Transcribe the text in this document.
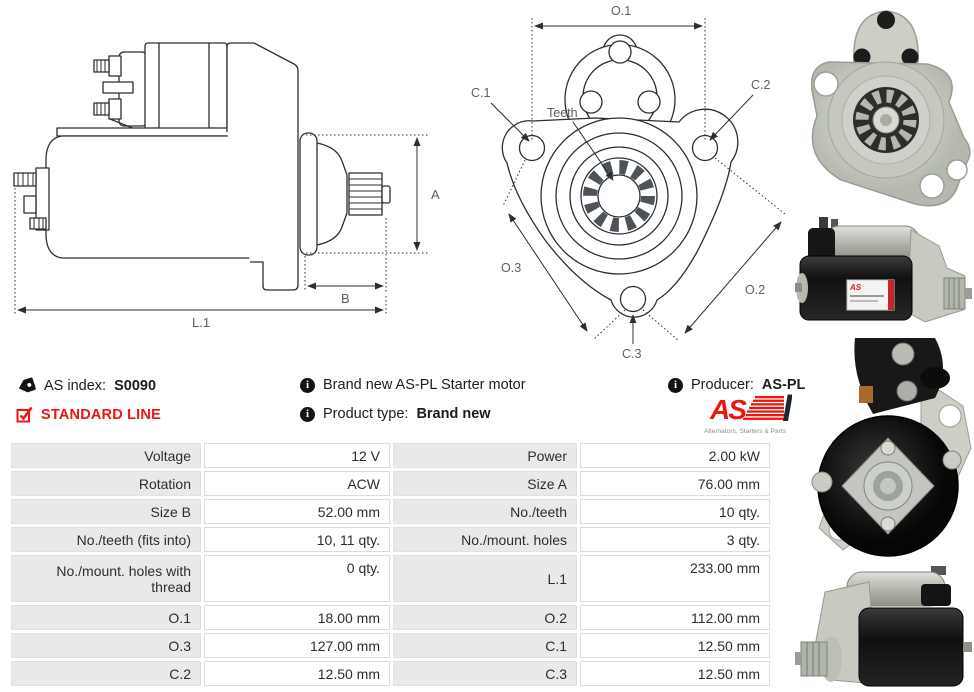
A
B
L.1
O.1
C.1
C.2
C.3
Teeth
O.3
O.2	AS
AS index: S0090
STANDARD LINE
i Brand new AS-PL Starter motor
i Product type: Brand new
i Producer: AS-PL
AS
Alternators, Starters & Parts
Voltage	12 V	Power	2.00 kW
Rotation	ACW	Size A	76.00 mm
Size B	52.00 mm	No./teeth	10 qty.
No./teeth (fits into)	10, 11 qty.	No./mount. holes	3 qty.
No./mount. holes with thread	0 qty.	L.1	233.00 mm
O.1	18.00 mm	O.2	112.00 mm
O.3	127.00 mm	C.1	12.50 mm
C.2	12.50 mm	C.3	12.50 mm
